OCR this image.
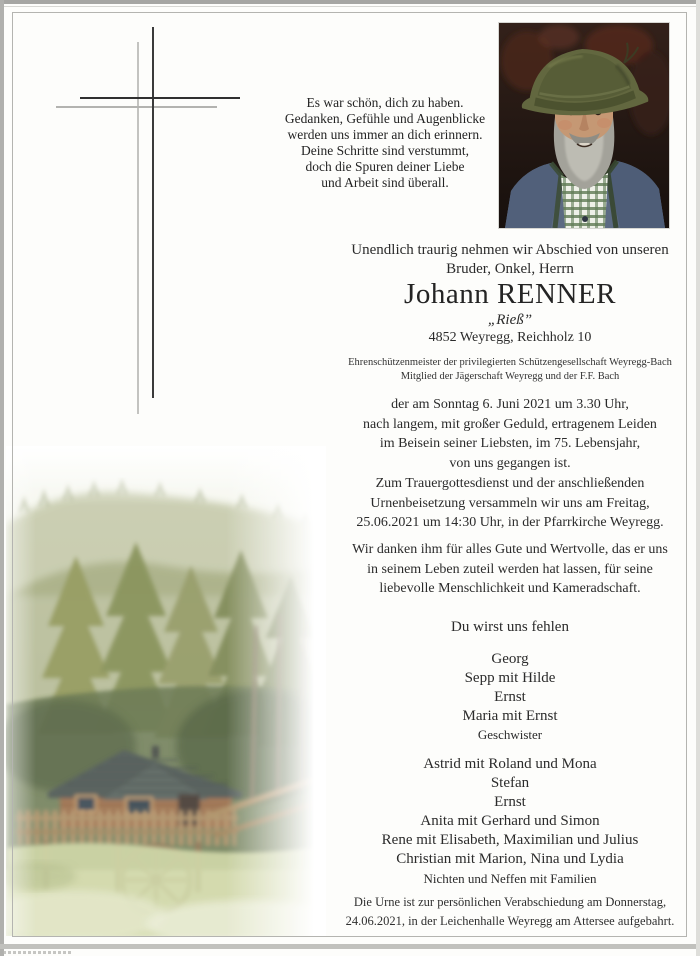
Es war schön, dich zu haben.
Gedanken, Gefühle und Augenblicke
werden uns immer an dich erinnern.
Deine Schritte sind verstummt,
doch die Spuren deiner Liebe
und Arbeit sind überall.
Unendlich traurig nehmen wir Abschied von unseren
Bruder, Onkel, Herrn
Johann RENNER
„Rieß”
4852 Weyregg, Reichholz 10
Ehrenschützenmeister der privilegierten Schützengesellschaft Weyregg-Bach
Mitglied der Jägerschaft Weyregg und der F.F. Bach
der am Sonntag 6. Juni 2021 um 3.30 Uhr,
nach langem, mit großer Geduld, ertragenem Leiden
im Beisein seiner Liebsten, im 75. Lebensjahr,
von uns gegangen ist.
Zum Trauergottesdienst und der anschließenden
Urnenbeisetzung versammeln wir uns am Freitag,
25.06.2021 um 14:30 Uhr, in der Pfarrkirche Weyregg.
Wir danken ihm für alles Gute und Wertvolle, das er uns
in seinem Leben zuteil werden hat lassen, für seine
liebevolle Menschlichkeit und Kameradschaft.
Du wirst uns fehlen
Georg
Sepp mit Hilde
Ernst
Maria mit Ernst
Geschwister
Astrid mit Roland und Mona
Stefan
Ernst
Anita mit Gerhard und Simon
Rene mit Elisabeth, Maximilian und Julius
Christian mit Marion, Nina und Lydia
Nichten und Neffen mit Familien
Die Urne ist zur persönlichen Verabschiedung am Donnerstag,
24.06.2021, in der Leichenhalle Weyregg am Attersee aufgebahrt.
